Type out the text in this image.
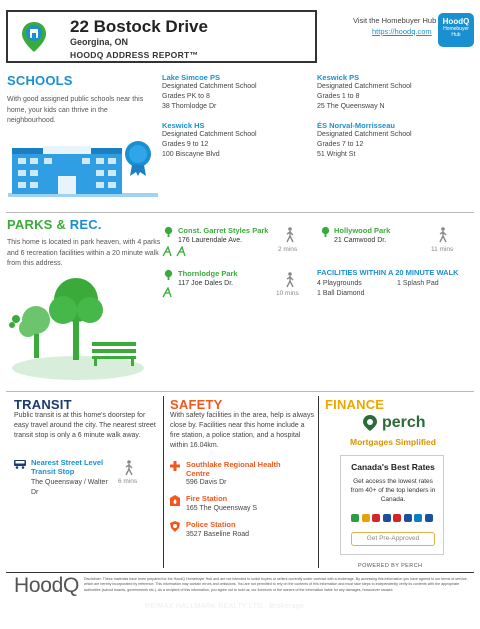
22 Bostock Drive
Georgina, ON
HOODQ ADDRESS REPORT™
Visit the Homebuyer Hub
https://hoodq.com
HoodQ
Homebuyer
Hub
SCHOOLS
With good assigned public schools near this home, your kids can thrive in the neighbourhood.
Lake Simcoe PS
Designated Catchment School
Grades PK to 8
38 Thornlodge Dr
Keswick PS
Designated Catchment School
Grades 1 to 8
25 The Queensway N
Keswick HS
Designated Catchment School
Grades 9 to 12
100 Biscayne Blvd
ÉS Norval-Morrisseau
Designated Catchment School
Grades 7 to 12
51 Wright St
PARKS & REC.
This home is located in park heaven, with 4 parks and 6 recreation facilities within a 20 minute walk from this address.
Const. Garret Styles Park
176 Laurendale Ave.
2 mins
Hollywood Park
21 Camwood Dr.
11 mins
Thornlodge Park
117 Joe Dales Dr.
10 mins
FACILITIES WITHIN A 20 MINUTE WALK
4 Playgrounds	1 Splash Pad
1 Ball Diamond
TRANSIT
Public transit is at this home's doorstep for easy travel around the city. The nearest street transit stop is only a 6 minute walk away.
Nearest Street Level
Transit Stop
The Queensway / Walter Dr
6 mins
SAFETY
With safety facilities in the area, help is always close by. Facilities near this home include a fire station, a police station, and a hospital within 16.04km.
Southlake Regional Health Centre
596 Davis Dr
Fire Station
165 The Queensway S
Police Station
3527 Baseline Road
FINANCE
perch
Mortgages Simplified
Canada's Best Rates
Get access the lowest rates from 40+ of the top lenders in Canada.
Get Pre-Approved
POWERED BY PERCH
HoodQ Disclaimer: These materials have been prepared for the HoodQ Homebuyer Hub and are not intended to solicit buyers or sellers currently under contract with a brokerage. By accessing this information you have agreed to our terms of service, which are hereby incorporated by reference. This information may contain errors and omissions. You are not permitted to rely on the contents of this information and must take steps to independently verify its contents with the appropriate authorities (school boards, governments etc.). As a recipient of this information, you agree not to hold us, our licensors or the owners of the information liable for any damages, howsoever caused.
RE/MAX HALLMARK REALTY LTD., Brokerage
